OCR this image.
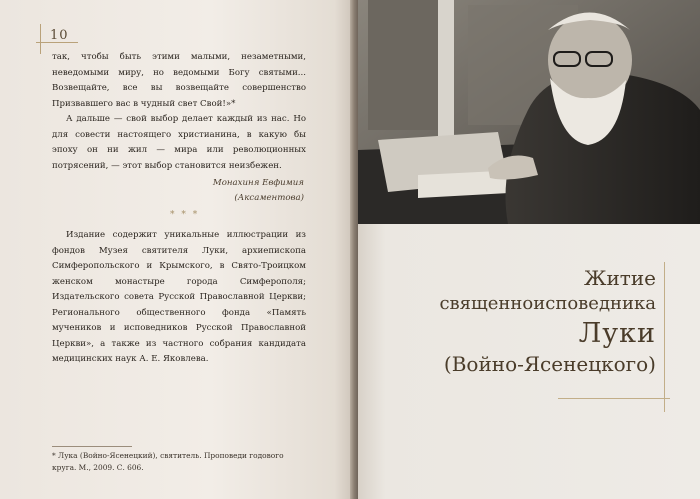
10

так, чтобы быть этими малыми, незаметными, неведомыми миру, но ведомыми Богу святыми... Возвещайте, все вы возвещайте совершенство Призвавшего вас в чудный свет Свой!»*

А дальше — свой выбор делает каждый из нас. Но для совести настоящего христианина, в какую бы эпоху он ни жил — мира или революционных потрясений, — этот выбор становится неизбежен.

Монахиня Евфимия
(Аксаментова)
* * *

Издание содержит уникальные иллюстрации из фондов Музея святителя Луки, архиепископа Симферопольского и Крымского, в Свято-Троицком женском монастыре города Симферополя; Издательского совета Русской Православной Церкви; Регионального общественного фонда «Память мучеников и исповедников Русской Православной Церкви», а также из частного собрания кандидата медицинских наук А. Е. Яковлева.

* Лука (Войно-Ясенецкий), святитель. Проповеди годового круга. М., 2009. С. 606.
Житие
священноисповедника
Луки
(Войно-Ясенецкого)
